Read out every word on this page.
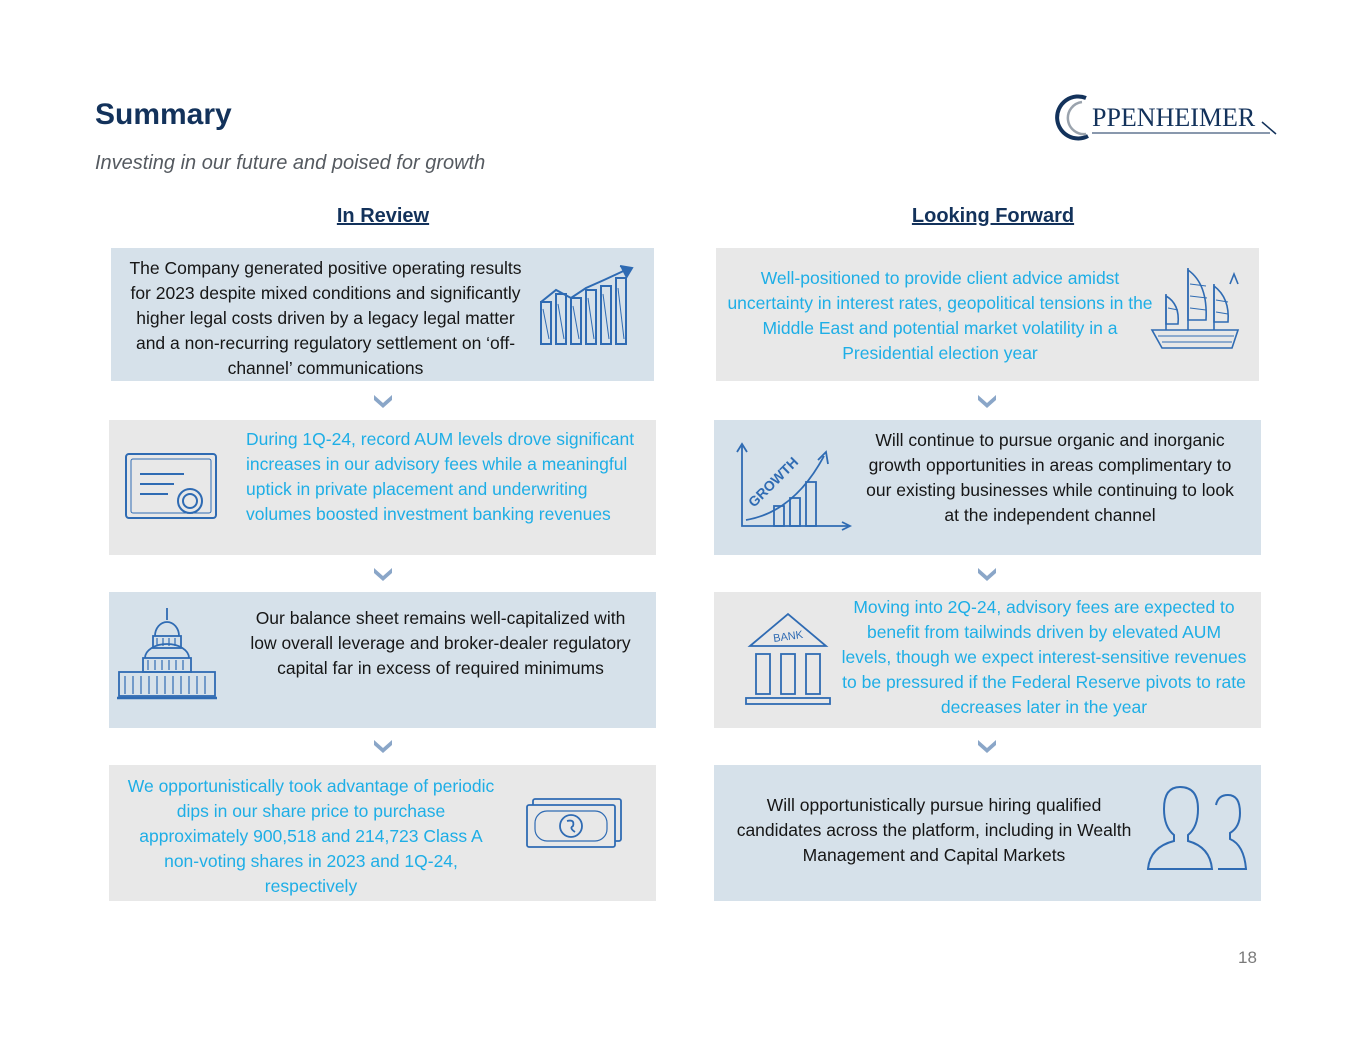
Summary

Investing in our future and poised for growth

PPENHEIMER
In Review	Looking Forward
The Company generated positive operating results for 2023 despite mixed conditions and significantly higher legal costs driven by a legacy legal matter and a non-recurring regulatory settlement on ‘off-channel’ communications
During 1Q-24, record AUM levels drove significant increases in our advisory fees while a meaningful uptick in private placement and underwriting volumes boosted investment banking revenues
Our balance sheet remains well-capitalized with low overall leverage and broker-dealer regulatory capital far in excess of required minimums
We opportunistically took advantage of periodic dips in our share price to purchase approximately 900,518 and 214,723 Class A non-voting shares in 2023 and 1Q-24, respectively
Well-positioned to provide client advice amidst uncertainty in interest rates, geopolitical tensions in the Middle East and potential market volatility in a Presidential election year
GROWTH
Will continue to pursue organic and inorganic growth opportunities in areas complimentary to our existing businesses while continuing to look at the independent channel
BANK
Moving into 2Q-24, advisory fees are expected to benefit from tailwinds driven by elevated AUM levels, though we expect interest-sensitive revenues to be pressured if the Federal Reserve pivots to rate decreases later in the year
Will opportunistically pursue hiring qualified candidates across the platform, including in Wealth Management and Capital Markets
18
